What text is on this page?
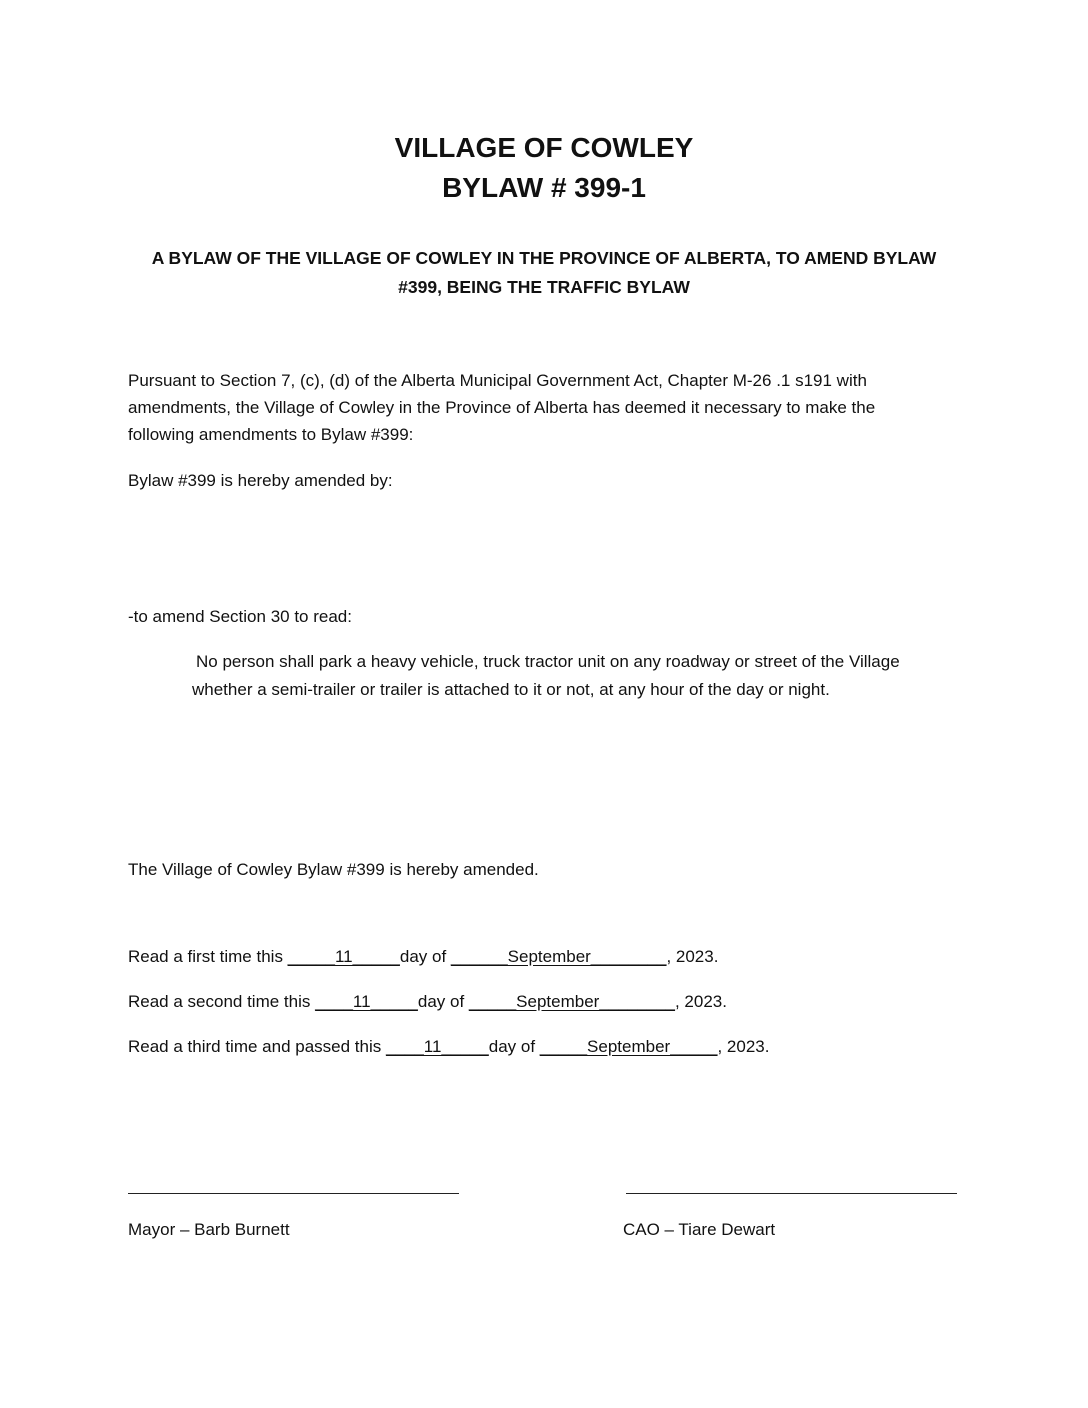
VILLAGE OF COWLEY
BYLAW # 399-1

A BYLAW OF THE VILLAGE OF COWLEY IN THE PROVINCE OF ALBERTA, TO AMEND BYLAW

#399, BEING THE TRAFFIC BYLAW

Pursuant to Section 7, (c), (d) of the Alberta Municipal Government Act, Chapter M-26 .1 s191 with

amendments, the Village of Cowley in the Province of Alberta has deemed it necessary to make the

following amendments to Bylaw #399:

Bylaw #399 is hereby amended by:

-to amend Section 30 to read:

No person shall park a heavy vehicle, truck tractor unit on any roadway or street of the Village

whether a semi-trailer or trailer is attached to it or not, at any hour of the day or night.

The Village of Cowley Bylaw #399 is hereby amended.

Read a first time this _____11_____day of ______September________, 2023.

Read a second time this ____11_____day of _____September________, 2023.

Read a third time and passed this ____11_____day of _____September_____, 2023.

Mayor – Barb Burnett	CAO – Tiare Dewart
